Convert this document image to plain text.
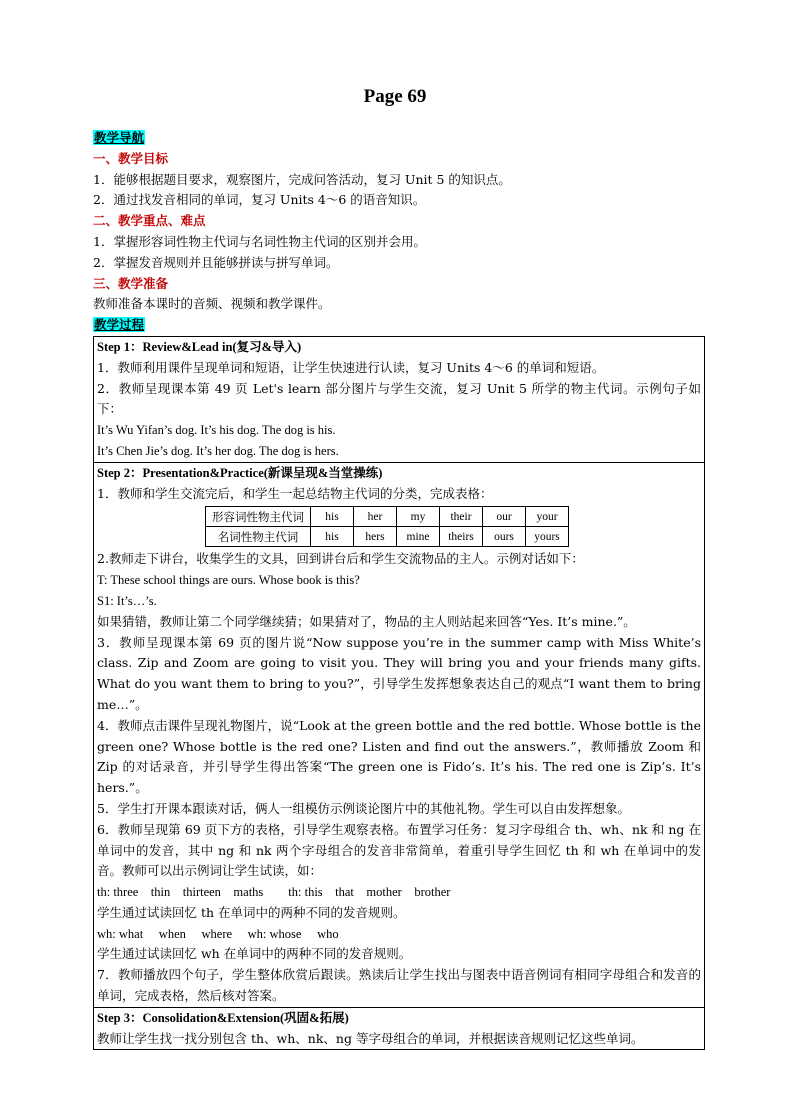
Page 69
教学导航
一、教学目标
1．能够根据题目要求，观察图片，完成问答活动，复习 Unit 5 的知识点。
2．通过找发音相同的单词，复习 Units 4～6 的语音知识。
二、教学重点、难点
1．掌握形容词性物主代词与名词性物主代词的区别并会用。
2．掌握发音规则并且能够拼读与拼写单词。
三、教学准备
教师准备本课时的音频、视频和教学课件。
教学过程
Step 1：Review&Lead in(复习&导入)
1．教师利用课件呈现单词和短语，让学生快速进行认读，复习 Units 4～6 的单词和短语。
2．教师呈现课本第 49 页 Let's learn 部分图片与学生交流，复习 Unit 5 所学的物主代词。示例句子如下：
It’s Wu Yifan’s dog. It’s his dog. The dog is his.
It’s Chen Jie’s dog. It’s her dog. The dog is hers.
Step 2：Presentation&Practice(新课呈现&当堂操练)
1．教师和学生交流完后，和学生一起总结物主代词的分类，完成表格：
形容词性物主代词	his	her	my	their	our	your
名词性物主代词	his	hers	mine	theirs	ours	yours
2.教师走下讲台，收集学生的文具，回到讲台后和学生交流物品的主人。示例对话如下：
T: These school things are ours. Whose book is this?
S1: It’s…’s.
如果猜错，教师让第二个同学继续猜；如果猜对了，物品的主人则站起来回答“Yes. It’s mine.”。
3．教师呈现课本第 69 页的图片说“Now suppose you’re in the summer camp with Miss White’s class. Zip and Zoom are going to visit you. They will bring you and your friends many gifts. What do you want them to bring to you?”，引导学生发挥想象表达自己的观点“I want them to bring me…”。
4．教师点击课件呈现礼物图片，说“Look at the green bottle and the red bottle. Whose bottle is the green one? Whose bottle is the red one? Listen and find out the answers.”，教师播放 Zoom 和 Zip 的对话录音，并引导学生得出答案“The green one is Fido’s. It’s his. The red one is Zip’s. It’s hers.”。
5．学生打开课本跟读对话，俩人一组模仿示例谈论图片中的其他礼物。学生可以自由发挥想象。
6．教师呈现第 69 页下方的表格，引导学生观察表格。布置学习任务：复习字母组合 th、wh、nk 和 ng 在单词中的发音，其中 ng 和 nk 两个字母组合的发音非常简单，着重引导学生回忆 th 和 wh 在单词中的发音。教师可以出示例词让学生试读，如：
th: three    thin    thirteen    maths        th: this    that    mother    brother
学生通过试读回忆 th 在单词中的两种不同的发音规则。
wh: what     when     where     wh: whose     who
学生通过试读回忆 wh 在单词中的两种不同的发音规则。
7．教师播放四个句子，学生整体欣赏后跟读。熟读后让学生找出与图表中语音例词有相同字母组合和发音的单词，完成表格，然后核对答案。
Step 3：Consolidation&Extension(巩固&拓展)
教师让学生找一找分别包含 th、wh、nk、ng 等字母组合的单词，并根据读音规则记忆这些单词。
